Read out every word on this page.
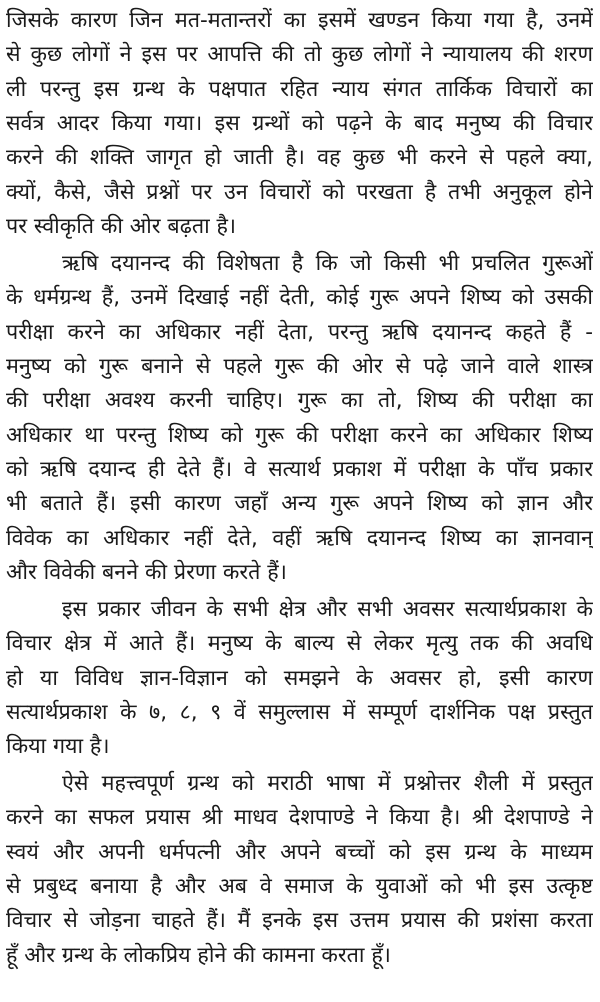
जिसके कारण जिन मत-मतान्तरों का इसमें खण्डन किया गया है, उनमें

से कुछ लोगों ने इस पर आपत्ति की तो कुछ लोगों ने न्यायालय की शरण

ली परन्तु इस ग्रन्थ के पक्षपात रहित न्याय संगत तार्किक विचारों का

सर्वत्र आदर किया गया। इस ग्रन्थों को पढ़ने के बाद मनुष्य की विचार

करने की शक्ति जागृत हो जाती है। वह कुछ भी करने से पहले क्या,

क्यों, कैसे, जैसे प्रश्नों पर उन विचारों को परखता है तभी अनुकूल होने

पर स्वीकृति की ओर बढ़ता है।

ऋषि दयानन्द की विशेषता है कि जो किसी भी प्रचलित गुरूओं

के धर्मग्रन्थ हैं, उनमें दिखाई नहीं देती, कोई गुरू अपने शिष्य को उसकी

परीक्षा करने का अधिकार नहीं देता, परन्तु ऋषि दयानन्द कहते हैं -

मनुष्य को गुरू बनाने से पहले गुरू की ओर से पढ़े जाने वाले शास्त्र

की परीक्षा अवश्य करनी चाहिए। गुरू का तो, शिष्य की परीक्षा का

अधिकार था परन्तु शिष्य को गुरू की परीक्षा करने का अधिकार शिष्य

को ऋषि दयान्द ही देते हैं। वे सत्यार्थ प्रकाश में परीक्षा के पाँच प्रकार

भी बताते हैं। इसी कारण जहाँ अन्य गुरू अपने शिष्य को ज्ञान और

विवेक का अधिकार नहीं देते, वहीं ऋषि दयानन्द शिष्य का ज्ञानवान्

और विवेकी बनने की प्रेरणा करते हैं।

इस प्रकार जीवन के सभी क्षेत्र और सभी अवसर सत्यार्थप्रकाश के

विचार क्षेत्र में आते हैं। मनुष्य के बाल्य से लेकर मृत्यु तक की अवधि

हो या विविध ज्ञान-विज्ञान को समझने के अवसर हो, इसी कारण

सत्यार्थप्रकाश के ७, ८, ९ वें समुल्लास में सम्पूर्ण दार्शनिक पक्ष प्रस्तुत

किया गया है।

ऐसे महत्त्वपूर्ण ग्रन्थ को मराठी भाषा में प्रश्नोत्तर शैली में प्रस्तुत

करने का सफल प्रयास श्री माधव देशपाण्डे ने किया है। श्री देशपाण्डे ने

स्वयं और अपनी धर्मपत्नी और अपने बच्चों को इस ग्रन्थ के माध्यम

से प्रबुध्द बनाया है और अब वे समाज के युवाओं को भी इस उत्कृष्ट

विचार से जोड़ना चाहते हैं। मैं इनके इस उत्तम प्रयास की प्रशंसा करता

हूँ और ग्रन्थ के लोकप्रिय होने की कामना करता हूँ।
